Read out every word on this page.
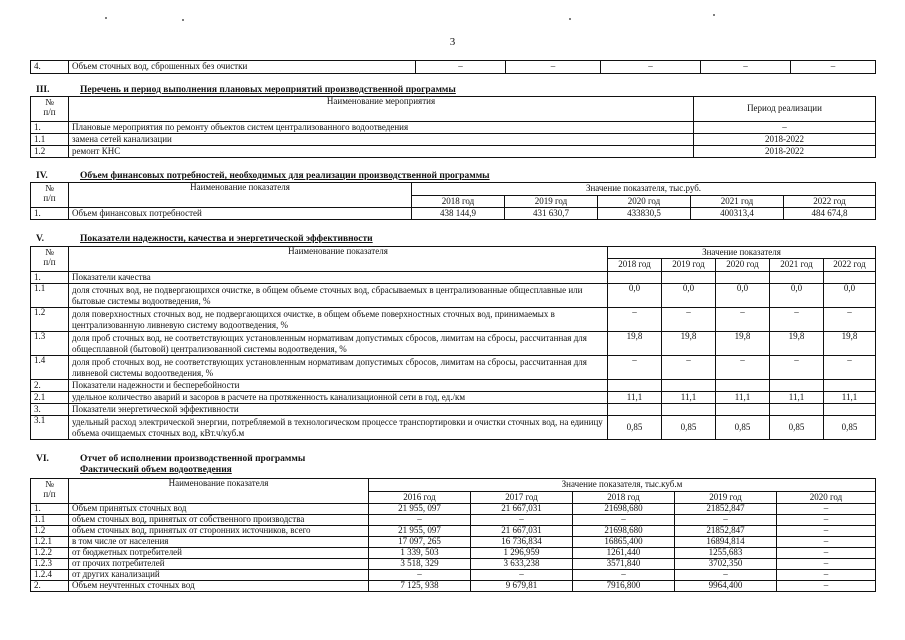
3
4.	Объем сточных вод, сброшенных без очистки	–	–	–	–	–
III.	Перечень и период выполнения плановых мероприятий производственной программы
№
п/п	Наименование мероприятия	Период реализации
1.	Плановые мероприятия по ремонту объектов систем централизованного водоотведения	–
1.1	замена сетей канализации	2018-2022
1.2	ремонт КНС	2018-2022
IV.	Объем финансовых потребностей, необходимых для реализации производственной программы
№
п/п	Наименование показателя	Значение показателя, тыс.руб.				
		2018 год	2019 год	2020 год	2021 год	2022 год
1.	Объем финансовых потребностей	438 144,9	431 630,7	433830,5	400313,4	484 674,8
V.	Показатели надежности, качества и энергетической эффективности
№
п/п	Наименование показателя	Значение показателя				
		2018 год	2019 год	2020 год	2021 год	2022 год
1.	Показатели качества					
1.1	доля сточных вод, не подвергающихся очистке, в общем объеме сточных вод, сбрасываемых в централизованные общесплавные или бытовые системы водоотведения, %	0,0	0,0	0,0	0,0	0,0
1.2	доля поверхностных сточных вод, не подвергающихся очистке, в общем объеме поверхностных сточных вод, принимаемых в централизованную ливневую систему водоотведения, %	–	–	–	–	–
1.3	доля проб сточных вод, не соответствующих установленным нормативам допустимых сбросов, лимитам на сбросы, рассчитанная для общесплавной (бытовой) централизованной системы водоотведения, %	19,8	19,8	19,8	19,8	19,8
1.4	доля проб сточных вод, не соответствующих установленным нормативам допустимых сбросов, лимитам на сбросы, рассчитанная для ливневой системы водоотведения, %	–	–	–	–	–
2.	Показатели надежности и бесперебойности					
2.1	удельное количество аварий и засоров в расчете на протяженность канализационной сети в год, ед./км	11,1	11,1	11,1	11,1	11,1
3.	Показатели энергетической эффективности					
3.1	удельный расход электрической энергии, потребляемой в технологическом процессе транспортировки и очистки сточных вод, на единицу объема очищаемых сточных вод, кВт.ч/куб.м	0,85	0,85	0,85	0,85	0,85
VI.	Отчет об исполнении производственной программы
Фактический объем водоотведения
№
п/п	Наименование показателя	Значение показателя, тыс.куб.м				
		2016 год	2017 год	2018 год	2019 год	2020 год
1.	Объем принятых сточных вод	21 955, 097	21 667,031	21698,680	21852,847	–
1.1	объем сточных вод, принятых от собственного производства	–	–	–	–	–
1.2	объем сточных вод, принятых от сторонних источников, всего	21 955, 097	21 667,031	21698,680	21852,847	–
1.2.1	в том числе от населения	17 097, 265	16 736,834	16865,400	16894,814	–
1.2.2	от бюджетных потребителей	1 339, 503	1 296,959	1261,440	1255,683	–
1.2.3	от прочих потребителей	3 518, 329	3 633,238	3571,840	3702,350	–
1.2.4	от других канализаций	–	–	–	–	–
2.	Объем неучтенных сточных вод	7 125, 938	9 679,81	7916,800	9964,400	–
